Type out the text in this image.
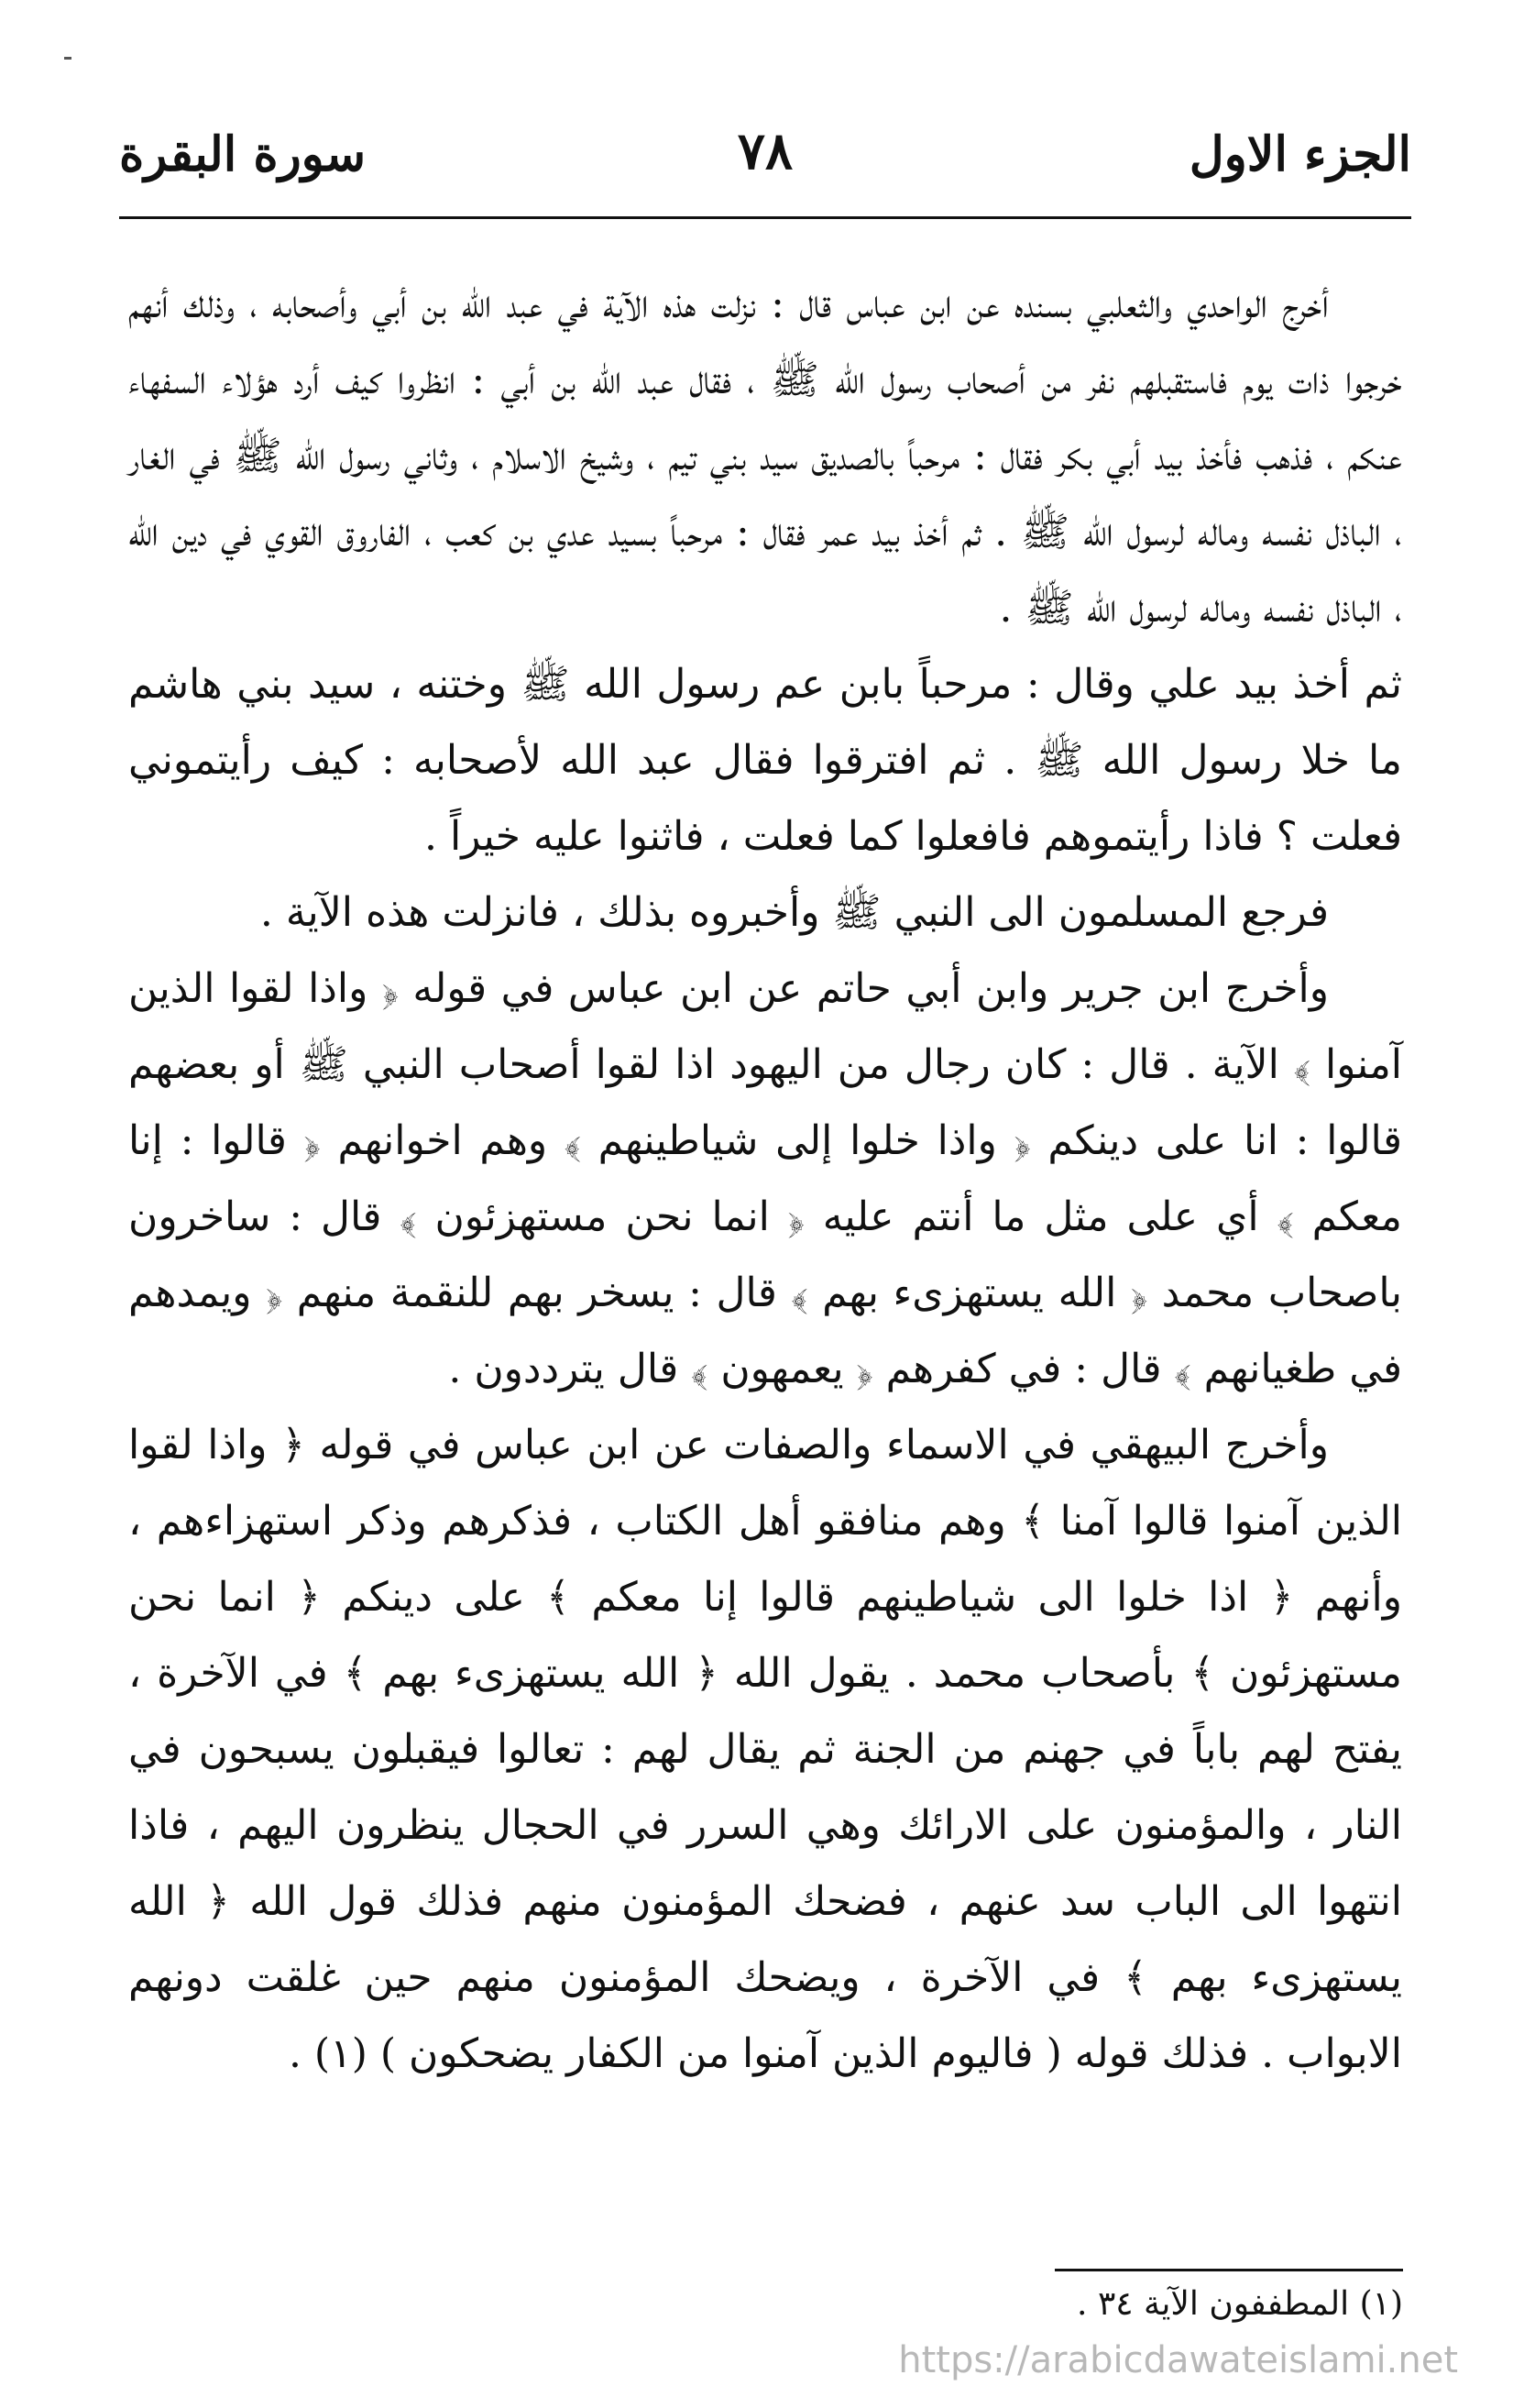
الجزء الاول
٧٨
سورة البقرة

أخرج الواحدي والثعلبي بسنده عن ابن عباس قال : نزلت هذه الآية في عبد الله بن أبي وأصحابه ، وذلك أنهم خرجوا ذات يوم فاستقبلهم نفر من أصحاب رسول الله ﷺ ، فقال عبد الله بن أبي : انظروا كيف أرد هؤلاء السفهاء عنكم ، فذهب فأخذ بيد أبي بكر فقال : مرحباً بالصديق سيد بني تيم ، وشيخ الاسلام ، وثاني رسول الله ﷺ في الغار ، الباذل نفسه وماله لرسول الله ﷺ . ثم أخذ بيد عمر فقال : مرحباً بسيد عدي بن كعب ، الفاروق القوي في دين الله ، الباذل نفسه وماله لرسول الله ﷺ .

ثم أخذ بيد علي وقال : مرحباً بابن عم رسول الله ﷺ وختنه ، سيد بني هاشم ما خلا رسول الله ﷺ . ثم افترقوا فقال عبد الله لأصحابه : كيف رأيتموني فعلت ؟ فاذا رأيتموهم فافعلوا كما فعلت ، فاثنوا عليه خيراً .

فرجع المسلمون الى النبي ﷺ وأخبروه بذلك ، فانزلت هذه الآية .

وأخرج ابن جرير وابن أبي حاتم عن ابن عباس في قوله ﴿ واذا لقوا الذين آمنوا ﴾ الآية . قال : كان رجال من اليهود اذا لقوا أصحاب النبي ﷺ أو بعضهم قالوا : انا على دينكم ﴿ واذا خلوا إلى شياطينهم ﴾ وهم اخوانهم ﴿ قالوا : إنا معكم ﴾ أي على مثل ما أنتم عليه ﴿ انما نحن مستهزئون ﴾ قال : ساخرون باصحاب محمد ﴿ الله يستهزىء بهم ﴾ قال : يسخر بهم للنقمة منهم ﴿ ويمدهم في طغيانهم ﴾ قال : في كفرهم ﴿ يعمهون ﴾ قال يترددون .

وأخرج البيهقي في الاسماء والصفات عن ابن عباس في قوله ﴿ واذا لقوا الذين آمنوا قالوا آمنا ﴾ وهم منافقو أهل الكتاب ، فذكرهم وذكر استهزاءهم ، وأنهم ﴿ اذا خلوا الى شياطينهم قالوا إنا معكم ﴾ على دينكم ﴿ انما نحن مستهزئون ﴾ بأصحاب محمد . يقول الله ﴿ الله يستهزىء بهم ﴾ في الآخرة ، يفتح لهم باباً في جهنم من الجنة ثم يقال لهم : تعالوا فيقبلون يسبحون في النار ، والمؤمنون على الارائك وهي السرر في الحجال ينظرون اليهم ، فاذا انتهوا الى الباب سد عنهم ، فضحك المؤمنون منهم فذلك قول الله ﴿ الله يستهزىء بهم ﴾ في الآخرة ، ويضحك المؤمنون منهم حين غلقت دونهم الابواب . فذلك قوله ( فاليوم الذين آمنوا من الكفار يضحكون ) (١) .

(١) المطففون الآية ٣٤ .
https://arabicdawateislami.net
